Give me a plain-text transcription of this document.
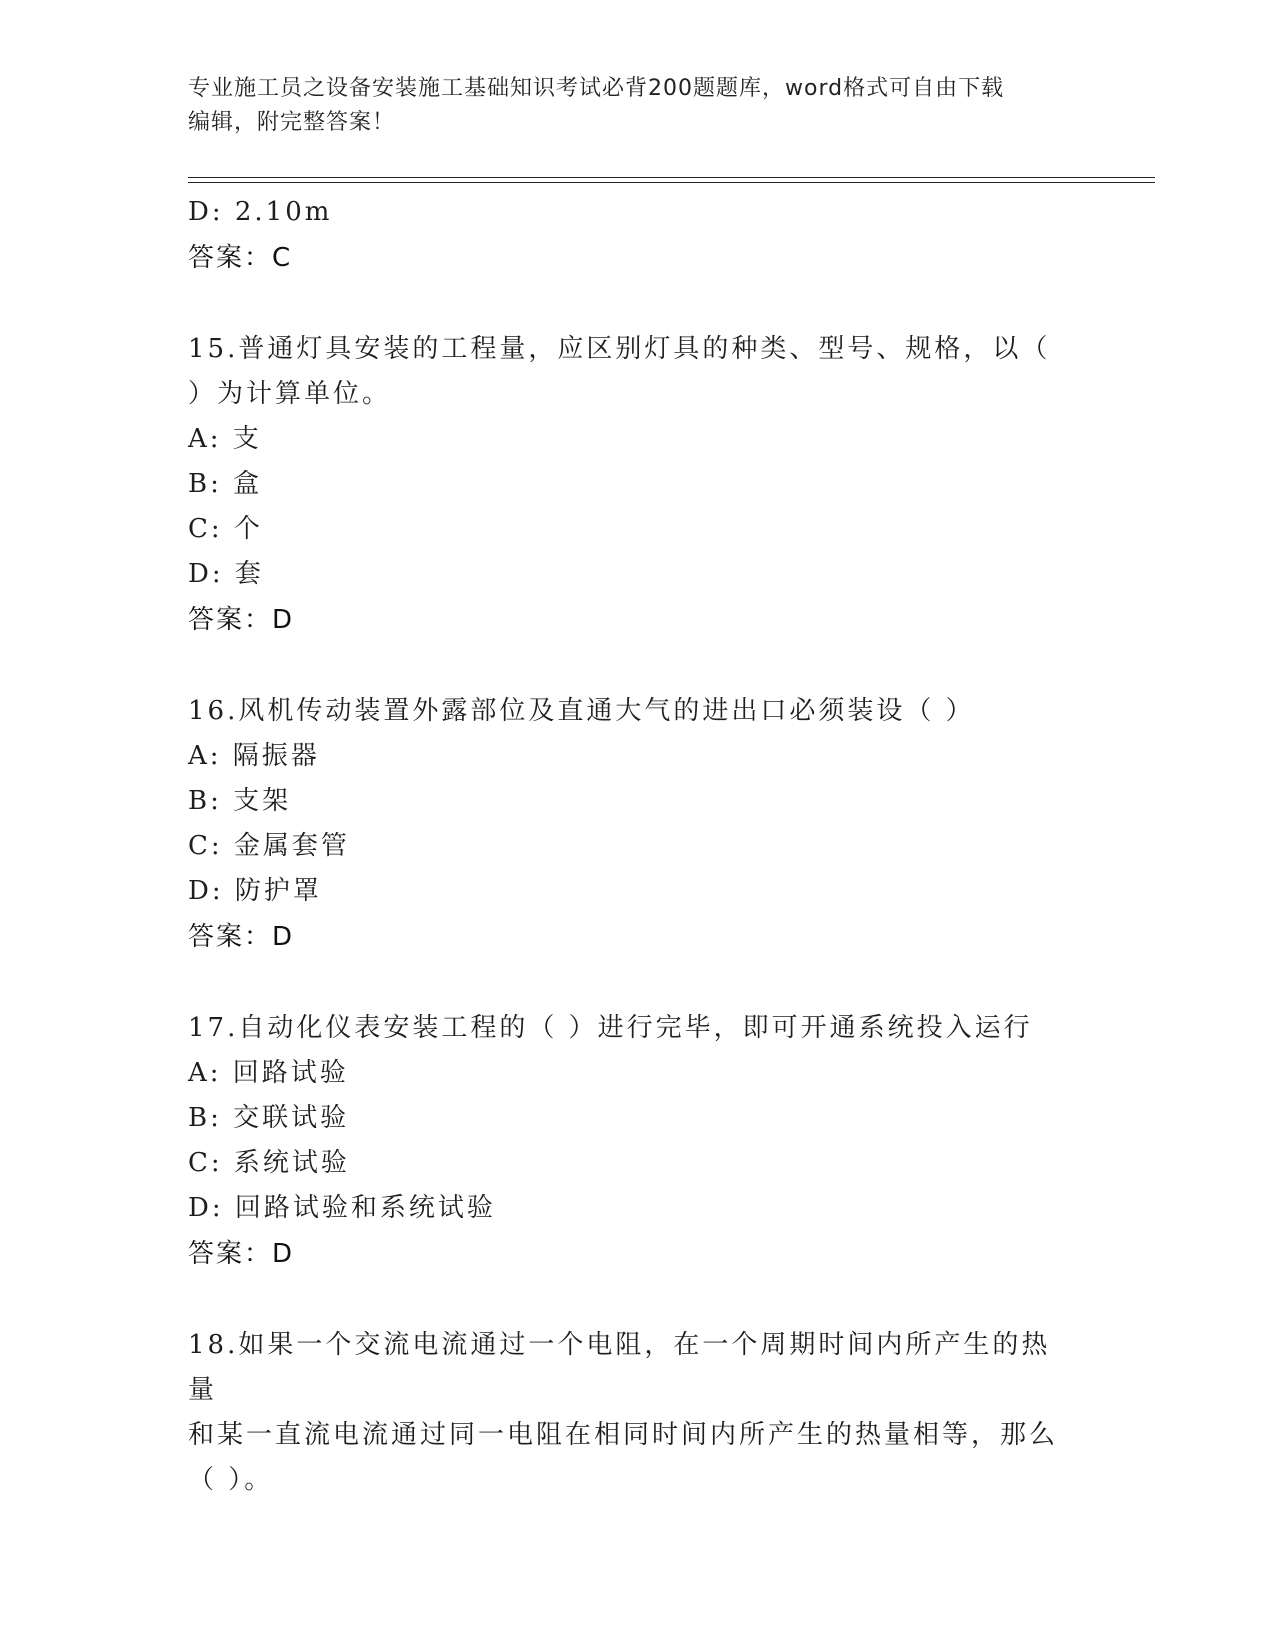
专业施工员之设备安装施工基础知识考试必背200题题库，word格式可自由下载
编辑，附完整答案！
D: 2.10m
答案：C
15.普通灯具安装的工程量，应区别灯具的种类、型号、规格，以（
）为计算单位。
A: 支
B: 盒
C: 个
D: 套
答案：D
16.风机传动装置外露部位及直通大气的进出口必须装设（ ）
A: 隔振器
B: 支架
C: 金属套管
D: 防护罩
答案：D
17.自动化仪表安装工程的（ ）进行完毕，即可开通系统投入运行
A: 回路试验
B: 交联试验
C: 系统试验
D: 回路试验和系统试验
答案：D
18.如果一个交流电流通过一个电阻，在一个周期时间内所产生的热量
和某一直流电流通过同一电阻在相同时间内所产生的热量相等，那么
（ ）。
